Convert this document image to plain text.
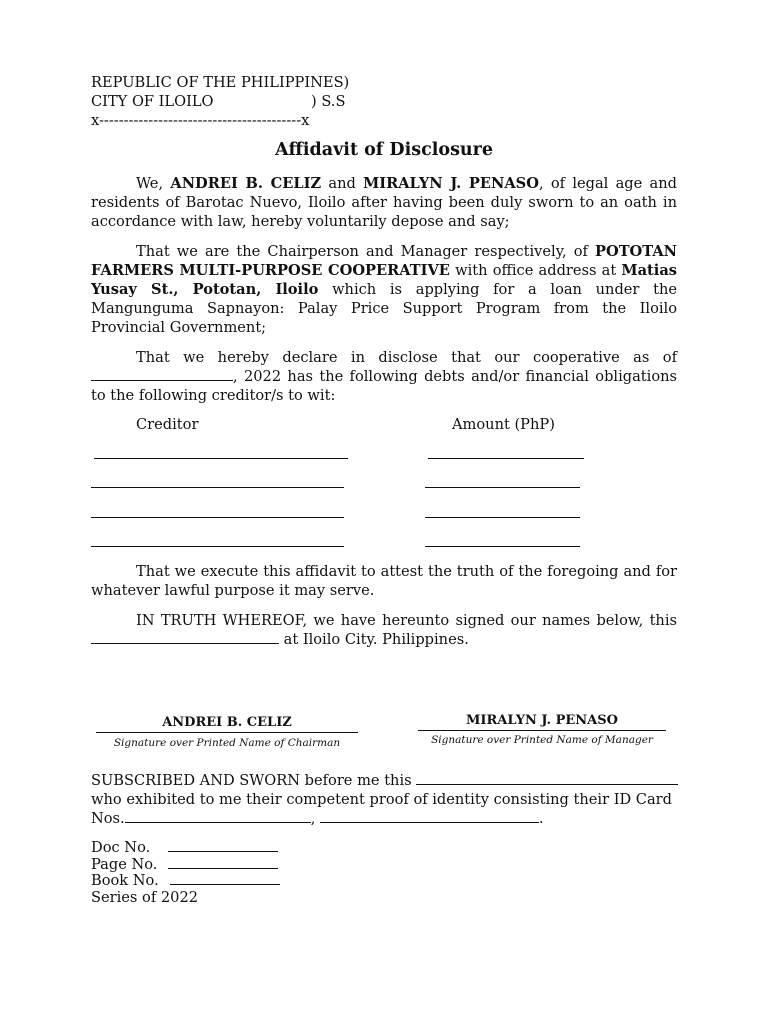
REPUBLIC OF THE PHILIPPINES)
CITY OF ILOILO	) S.S
x-----------------------------------------x
Affidavit of Disclosure
We, ANDREI B. CELIZ and MIRALYN J. PENASO, of legal age and residents of Barotac Nuevo, Iloilo after having been duly sworn to an oath in accordance with law, hereby voluntarily depose and say;
That we are the Chairperson and Manager respectively, of POTOTAN FARMERS MULTI-PURPOSE COOPERATIVE with office address at Matias Yusay St., Pototan, Iloilo which is applying for a loan under the Mangunguma Sapnayon: Palay Price Support Program from the Iloilo Provincial Government;
That we hereby declare in disclose that our cooperative as of , 2022 has the following debts and/or financial obligations to the following creditor/s to wit:
Creditor	Amount (PhP)
That we execute this affidavit to attest the truth of the foregoing and for whatever lawful purpose it may serve.
IN TRUTH WHEREOF, we have hereunto signed our names below, this at Iloilo City. Philippines.
ANDREI B. CELIZ
Signature over Printed Name of Chairman
MIRALYN J. PENASO
Signature over Printed Name of Manager
SUBSCRIBED AND SWORN before me this
who exhibited to me their competent proof of identity consisting their ID Card
Nos.	,	.
Doc No.
Page No.
Book No.
Series of 2022
